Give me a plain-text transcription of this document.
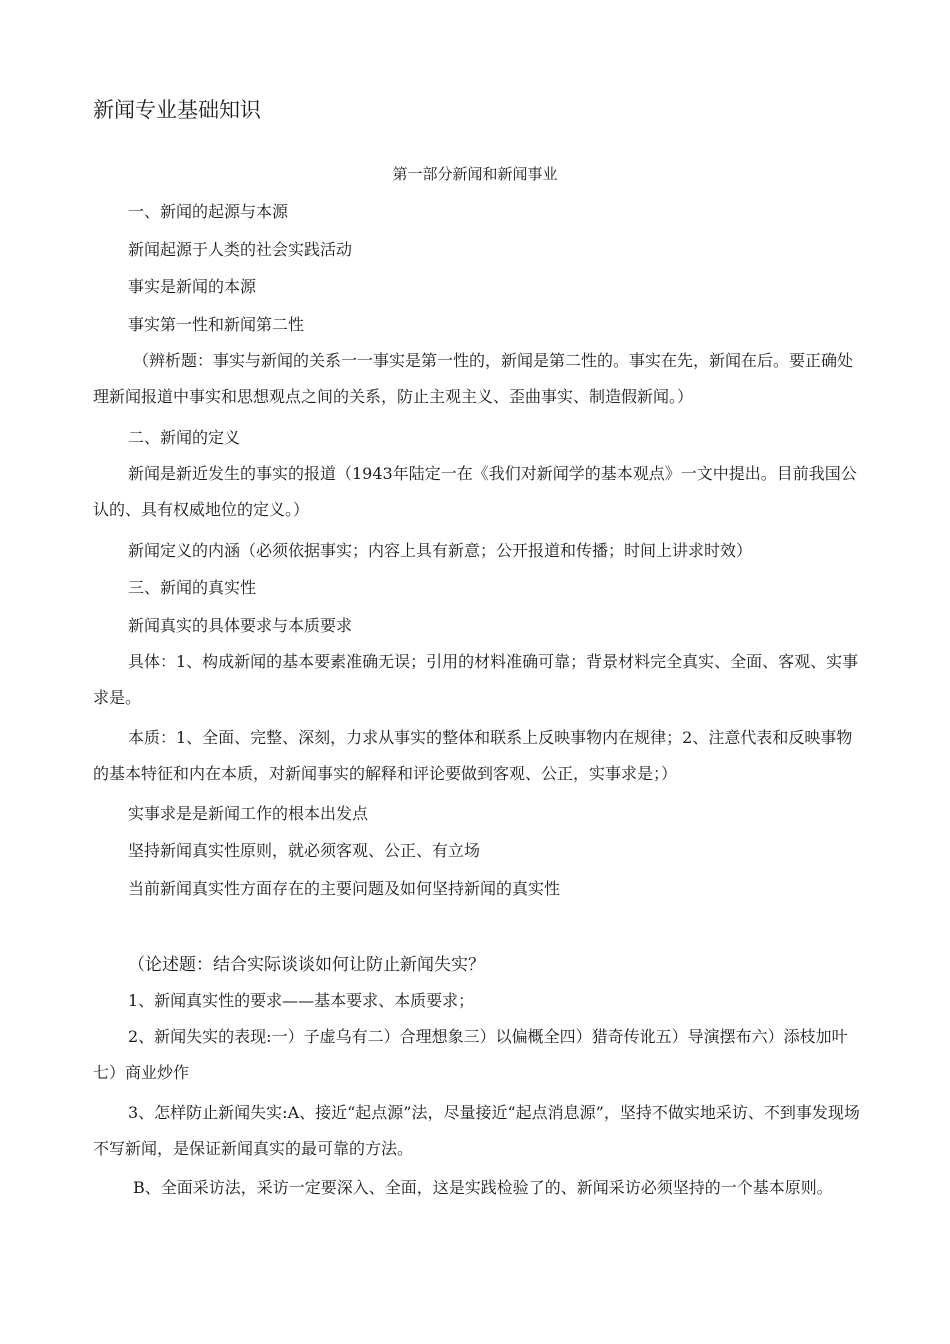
新闻专业基础知识
第一部分新闻和新闻事业
一、新闻的起源与本源
新闻起源于人类的社会实践活动
事实是新闻的本源
事实第一性和新闻第二性
（辨析题：事实与新闻的关系一一事实是第一性的，新闻是第二性的。事实在先，新闻在后。要正确处理新闻报道中事实和思想观点之间的关系，防止主观主义、歪曲事实、制造假新闻。）
二、新闻的定义
新闻是新近发生的事实的报道（1943年陆定一在《我们对新闻学的基本观点》一文中提出。目前我国公认的、具有权威地位的定义。）
新闻定义的内涵（必须依据事实；内容上具有新意；公开报道和传播；时间上讲求时效）
三、新闻的真实性
新闻真实的具体要求与本质要求
具体：1、构成新闻的基本要素准确无误；引用的材料准确可靠；背景材料完全真实、全面、客观、实事求是。
本质：1、全面、完整、深刻，力求从事实的整体和联系上反映事物内在规律；2、注意代表和反映事物的基本特征和内在本质，对新闻事实的解释和评论要做到客观、公正，实事求是；）
实事求是是新闻工作的根本出发点
坚持新闻真实性原则，就必须客观、公正、有立场
当前新闻真实性方面存在的主要问题及如何坚持新闻的真实性
（论述题：结合实际谈谈如何让防止新闻失实？
1、新闻真实性的要求——基本要求、本质要求；
2、新闻失实的表现:一）子虚乌有二）合理想象三）以偏概全四）猎奇传讹五）导演摆布六）添枝加叶七）商业炒作
3、怎样防止新闻失实:A、接近“起点源”法，尽量接近“起点消息源”，坚持不做实地采访、不到事发现场不写新闻，是保证新闻真实的最可靠的方法。
B、全面采访法，采访一定要深入、全面，这是实践检验了的、新闻采访必须坚持的一个基本原则。
